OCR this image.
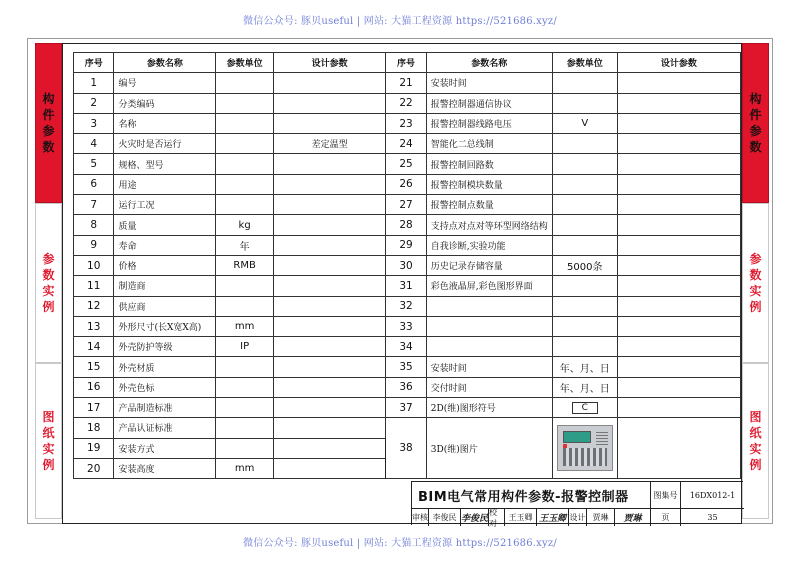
微信公众号: 豚贝useful | 网站: 大猫工程资源 https://521686.xyz/
构件参数
参数实例
图纸实例
构件参数
参数实例
图纸实例
序号	参数名称	参数单位	设计参数	序号	参数名称	参数单位	设计参数
1	编号			21	安装时间		
2	分类编码			22	报警控制器通信协议		
3	名称			23	报警控制器线路电压	V	
4	火灾时是否运行		差定温型	24	智能化二总线制		
5	规格、型号			25	报警控制回路数		
6	用途			26	报警控制模块数量		
7	运行工况			27	报警控制点数量		
8	质量	kg		28	支持点对点对等环型网络结构		
9	寿命	年		29	自我诊断,实验功能		
10	价格	RMB		30	历史记录存储容量	5000条	
11	制造商			31	彩色液晶屏,彩色图形界面		
12	供应商			32			
13	外形尺寸(长X宽X高)	mm		33			
14	外壳防护等级	IP		34			
15	外壳材质			35	安装时间	年、月、日	
16	外壳色标			36	交付时间	年、月、日	
17	产品制造标准			37	2D(维)图形符号	C	
18	产品认证标准			38	3D(维)图片	

19	安装方式						
20	安装高度	mm					
BIM电气常用构件参数-报警控制器	图集号	16DX012-1
审核 李俊民 李俊民
校对
王玉卿 王玉卿 设计 贾琳	贾琳	页	35
微信公众号: 豚贝useful | 网站: 大猫工程资源 https://521686.xyz/
